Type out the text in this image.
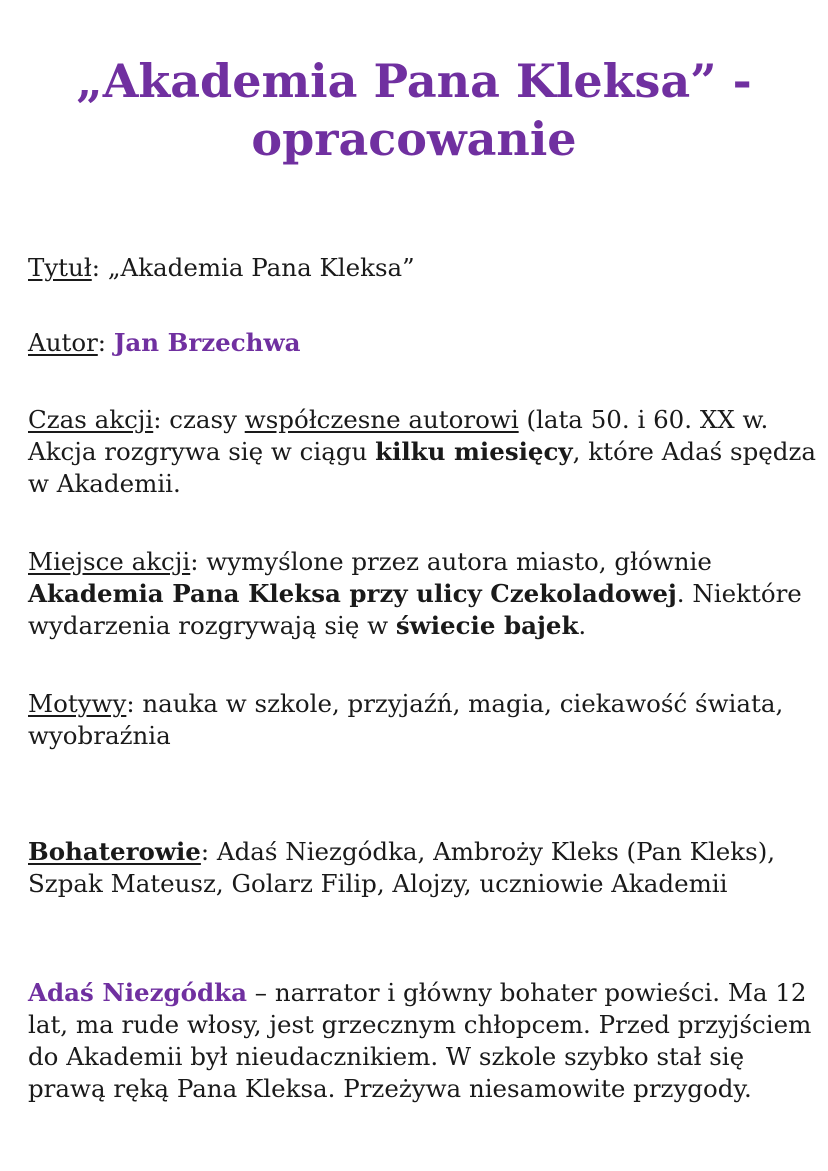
„Akademia Pana Kleksa” -
opracowanie

Tytuł: „Akademia Pana Kleksa”

Autor: Jan Brzechwa

Czas akcji: czasy współczesne autorowi (lata 50. i 60. XX w. Akcja rozgrywa się w ciągu kilku miesięcy, które Adaś spędza w Akademii.

Miejsce akcji: wymyślone przez autora miasto, głównie Akademia Pana Kleksa przy ulicy Czekoladowej. Niektóre wydarzenia rozgrywają się w świecie bajek.

Motywy: nauka w szkole, przyjaźń, magia, ciekawość świata, wyobraźnia

Bohaterowie: Adaś Niezgódka, Ambroży Kleks (Pan Kleks), Szpak Mateusz, Golarz Filip, Alojzy, uczniowie Akademii

Adaś Niezgódka – narrator i główny bohater powieści. Ma 12 lat, ma rude włosy, jest grzecznym chłopcem. Przed przyjściem do Akademii był nieudacznikiem. W szkole szybko stał się prawą ręką Pana Kleksa. Przeżywa niesamowite przygody.
